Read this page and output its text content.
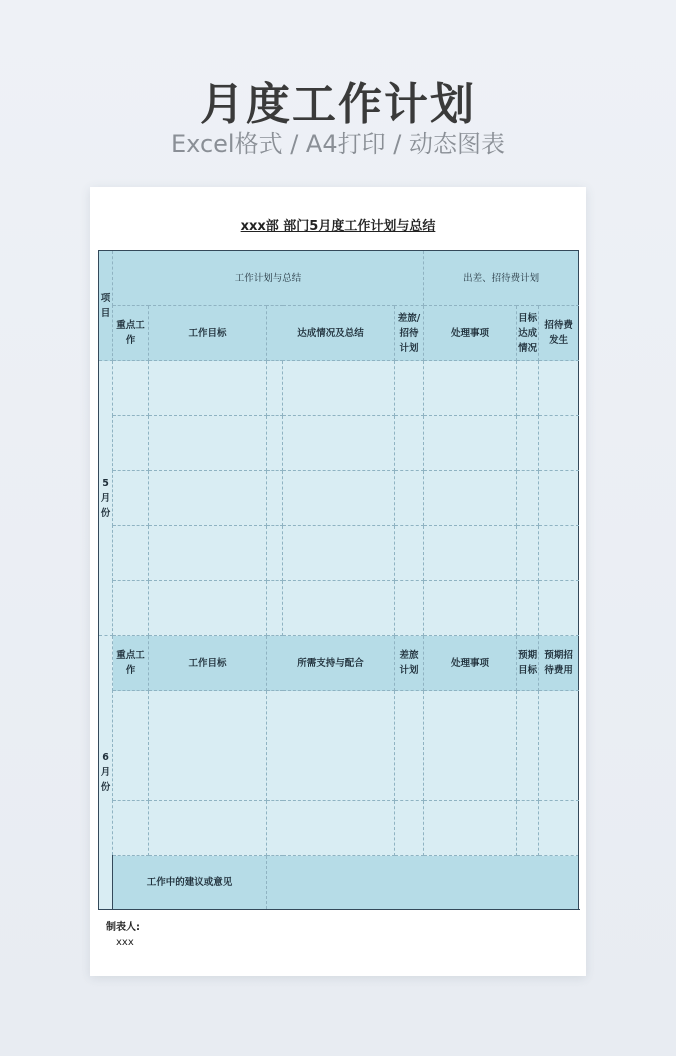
月度工作计划
Excel格式 / A4打印 / 动态图表
xxx部 部门5月度工作计划与总结
项目	工作计划与总结					出差、招待费计划		
	重点工作	工作目标	达成情况及总结		差旅/招待计划	处理事项	目标达成情况	招待费发生
5月份								

6月份	重点工作	工作目标	所需支持与配合		差旅计划	处理事项	预期目标	预期招待费用

	工作中的建议或意见							
制表人:
xxx
